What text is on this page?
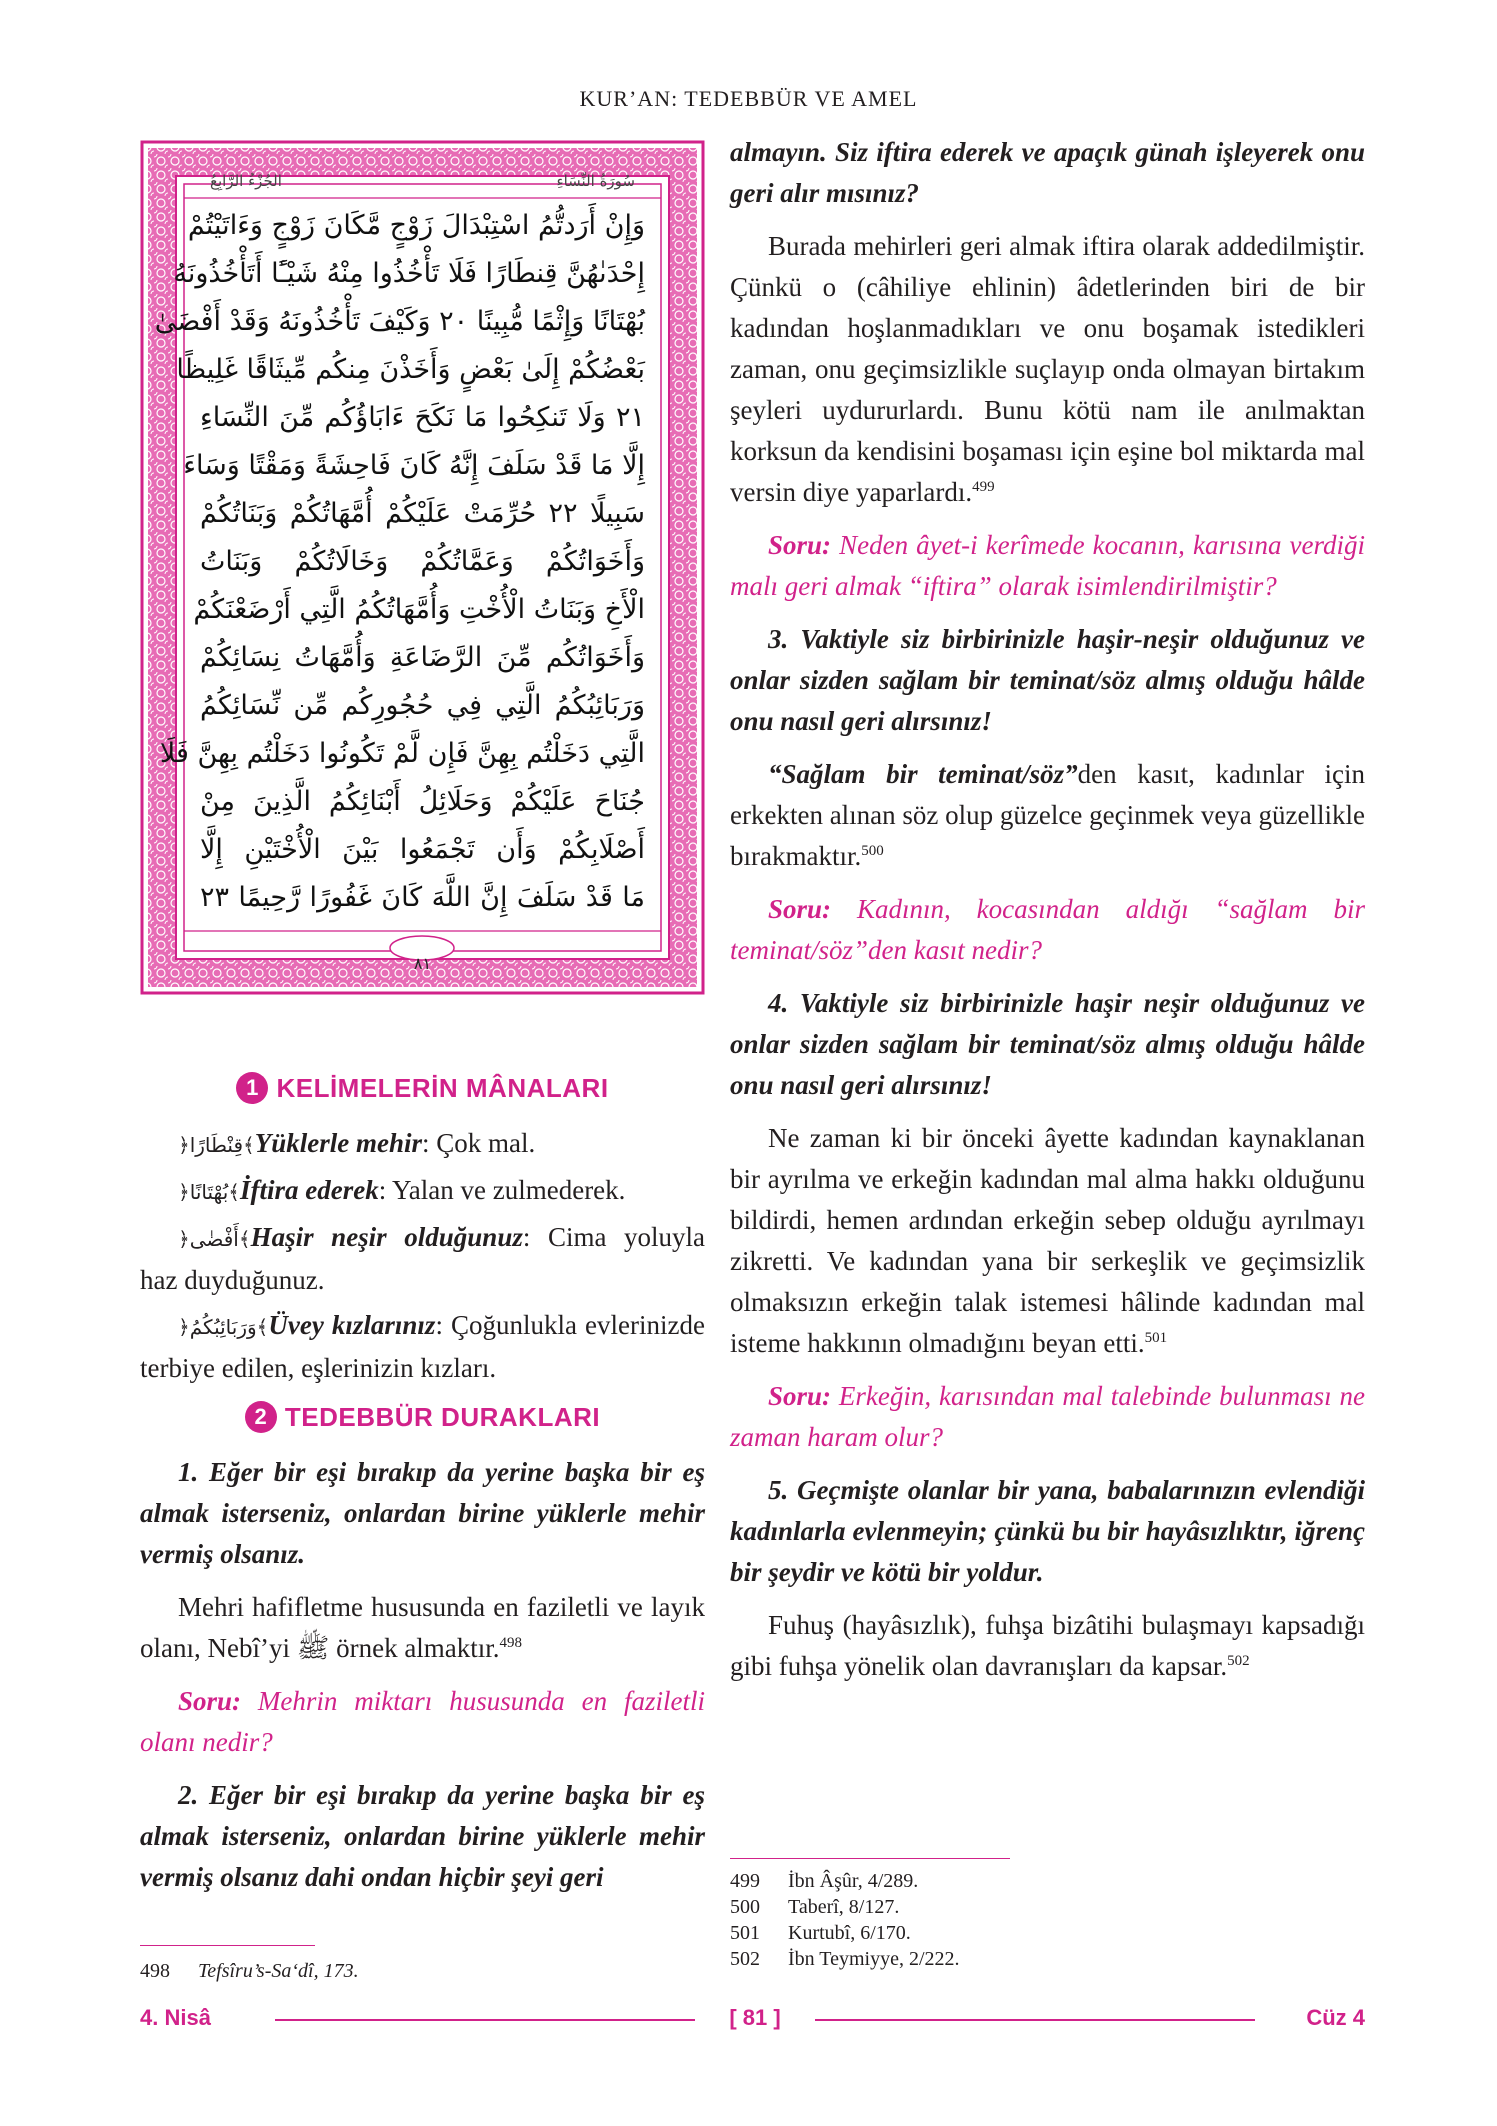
KUR’AN: TEDEBBÜR VE AMEL
سُورَةُ النِّسَاءِ
الجُزْءُ الرَّابِعُ
وَإِنْ أَرَدتُّمُ اسْتِبْدَالَ زَوْجٍ مَّكَانَ زَوْجٍ وَءَاتَيْتُمْ
إِحْدَىٰهُنَّ قِنطَارًا فَلَا تَأْخُذُوا مِنْهُ شَيْـًٔا أَتَأْخُذُونَهُ
بُهْتَانًا وَإِثْمًا مُّبِينًا ٢٠ وَكَيْفَ تَأْخُذُونَهُ وَقَدْ أَفْضَىٰ
بَعْضُكُمْ إِلَىٰ بَعْضٍ وَأَخَذْنَ مِنكُم مِّيثَاقًا غَلِيظًا
٢١ وَلَا تَنكِحُوا مَا نَكَحَ ءَابَاؤُكُم مِّنَ النِّسَاءِ
إِلَّا مَا قَدْ سَلَفَ إِنَّهُ كَانَ فَاحِشَةً وَمَقْتًا وَسَاءَ
سَبِيلًا ٢٢ حُرِّمَتْ عَلَيْكُمْ أُمَّهَاتُكُمْ وَبَنَاتُكُمْ
وَأَخَوَاتُكُمْ وَعَمَّاتُكُمْ وَخَالَاتُكُمْ وَبَنَاتُ
الْأَخِ وَبَنَاتُ الْأُخْتِ وَأُمَّهَاتُكُمُ الَّتِي أَرْضَعْنَكُمْ
وَأَخَوَاتُكُم مِّنَ الرَّضَاعَةِ وَأُمَّهَاتُ نِسَائِكُمْ
وَرَبَائِبُكُمُ الَّتِي فِي حُجُورِكُم مِّن نِّسَائِكُمُ
الَّتِي دَخَلْتُم بِهِنَّ فَإِن لَّمْ تَكُونُوا دَخَلْتُم بِهِنَّ فَلَا
جُنَاحَ عَلَيْكُمْ وَحَلَائِلُ أَبْنَائِكُمُ الَّذِينَ مِنْ
أَصْلَابِكُمْ وَأَن تَجْمَعُوا بَيْنَ الْأُخْتَيْنِ إِلَّا
مَا قَدْ سَلَفَ إِنَّ اللَّهَ كَانَ غَفُورًا رَّحِيمًا ٢٣
٨١
1 KELİMELERİN MÂNALARI

﴿قِنْطَارًا﴾Yüklerle mehir: Çok mal.

﴿بُهْتَانًا﴾İftira ederek: Yalan ve zulmederek.

﴿أَفْضٰى﴾Haşir neşir olduğunuz: Cima yoluyla haz duyduğunuz.

﴿وَرَبَائِبُكُمُ﴾Üvey kızlarınız: Çoğunlukla evlerinizde terbiye edilen, eşlerinizin kızları.

2 TEDEBBÜR DURAKLARI

1. Eğer bir eşi bırakıp da yerine başka bir eş almak isterseniz, onlardan birine yüklerle mehir vermiş olsanız.

Mehri hafifletme hususunda en faziletli ve layık olanı, Nebî’yi ﷺ örnek almaktır.$^{498}$

Soru: Mehrin miktarı hususunda en faziletli olanı nedir?

2. Eğer bir eşi bırakıp da yerine başka bir eş almak isterseniz, onlardan birine yüklerle mehir vermiş olsanız dahi ondan hiçbir şeyi geri

498 Tefsîru’s-Sa‘dî, 173.

almayın. Siz iftira ederek ve apaçık günah işleyerek onu geri alır mısınız?

Burada mehirleri geri almak iftira olarak addedilmiştir. Çünkü o (câhiliye ehlinin) âdetlerinden biri de bir kadından hoşlanmadıkları ve onu boşamak istedikleri zaman, onu geçimsizlikle suçlayıp onda olmayan birtakım şeyleri uydururlardı. Bunu kötü nam ile anılmaktan korksun da kendisini boşaması için eşine bol miktarda mal versin diye yaparlardı.$^{499}$

Soru: Neden âyet-i kerîmede kocanın, karısına verdiği malı geri almak “iftira” olarak isimlendirilmiştir?

3. Vaktiyle siz birbirinizle haşir-neşir olduğunuz ve onlar sizden sağlam bir teminat/söz almış olduğu hâlde onu nasıl geri alırsınız!

“Sağlam bir teminat/söz”den kasıt, kadınlar için erkekten alınan söz olup güzelce geçinmek veya güzellikle bırakmaktır.$^{500}$

Soru: Kadının, kocasından aldığı “sağlam bir teminat/söz”den kasıt nedir?

4. Vaktiyle siz birbirinizle haşir neşir olduğunuz ve onlar sizden sağlam bir teminat/söz almış olduğu hâlde onu nasıl geri alırsınız!

Ne zaman ki bir önceki âyette kadından kaynaklanan bir ayrılma ve erkeğin kadından mal alma hakkı olduğunu bildirdi, hemen ardından erkeğin sebep olduğu ayrılmayı zikretti. Ve kadından yana bir serkeşlik ve geçimsizlik olmaksızın erkeğin talak istemesi hâlinde kadından mal isteme hakkının olmadığını beyan etti.$^{501}$

Soru: Erkeğin, karısından mal talebinde bulunması ne zaman haram olur?

5. Geçmişte olanlar bir yana, babalarınızın evlendiği kadınlarla evlenmeyin; çünkü bu bir hayâsızlıktır, iğrenç bir şeydir ve kötü bir yoldur.

Fuhuş (hayâsızlık), fuhşa bizâtihi bulaşmayı kapsadığı gibi fuhşa yönelik olan davranışları da kapsar.$^{502}$

499 İbn Âşûr, 4/289.
500 Taberî, 8/127.
501 Kurtubî, 6/170.
502 İbn Teymiyye, 2/222.
4. Nisâ	[ 81 ]	Cüz 4
